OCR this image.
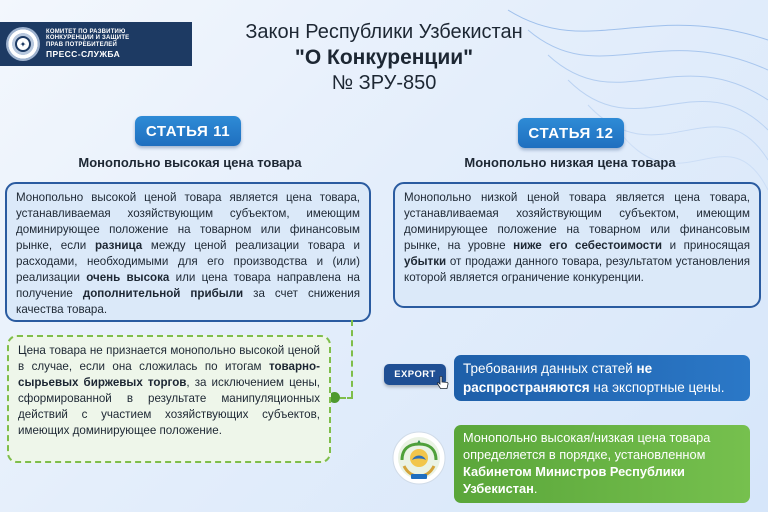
✦
КОМИТЕТ ПО РАЗВИТИЮ
КОНКУРЕНЦИИ И ЗАЩИТЕ
ПРАВ ПОТРЕБИТЕЛЕЙ
ПРЕСС-СЛУЖБА
Закон Республики Узбекистан
"О Конкуренции"
№ ЗРУ-850
СТАТЬЯ 11
Монопольно высокая цена товара
Монопольно высокой ценой товара является цена товара, устанавливаемая хозяйствующим субъектом, имеющим доминирующее положение на товарном или финансовым рынке, если разница между ценой реализации товара и расходами, необходимыми для его производства и (или) реализации очень высока или цена товара направлена на получение дополнительной прибыли за счет снижения качества товара.
Цена товара не признается монопольно высокой ценой в случае, если она сложилась по итогам товарно-сырьевых биржевых торгов, за исключением цены, сформированной в результате манипуляционных действий с участием хозяйствующих субъектов, имеющих доминирующее положение.
СТАТЬЯ 12
Монопольно низкая цена товара
Монопольно низкой ценой товара является цена товара, устанавливаемая хозяйствующим субъектом, имеющим доминирующее положение на товарном или финансовым рынке, на уровне ниже его себестоимости и приносящая убытки от продажи данного товара, результатом установления которой является ограничение конкуренции.
EXPORT	Требования данных статей не распространяются на экспортные цены.
Монопольно высокая/низкая цена товара определяется в порядке, установленном Кабинетом Министров Республики Узбекистан.
